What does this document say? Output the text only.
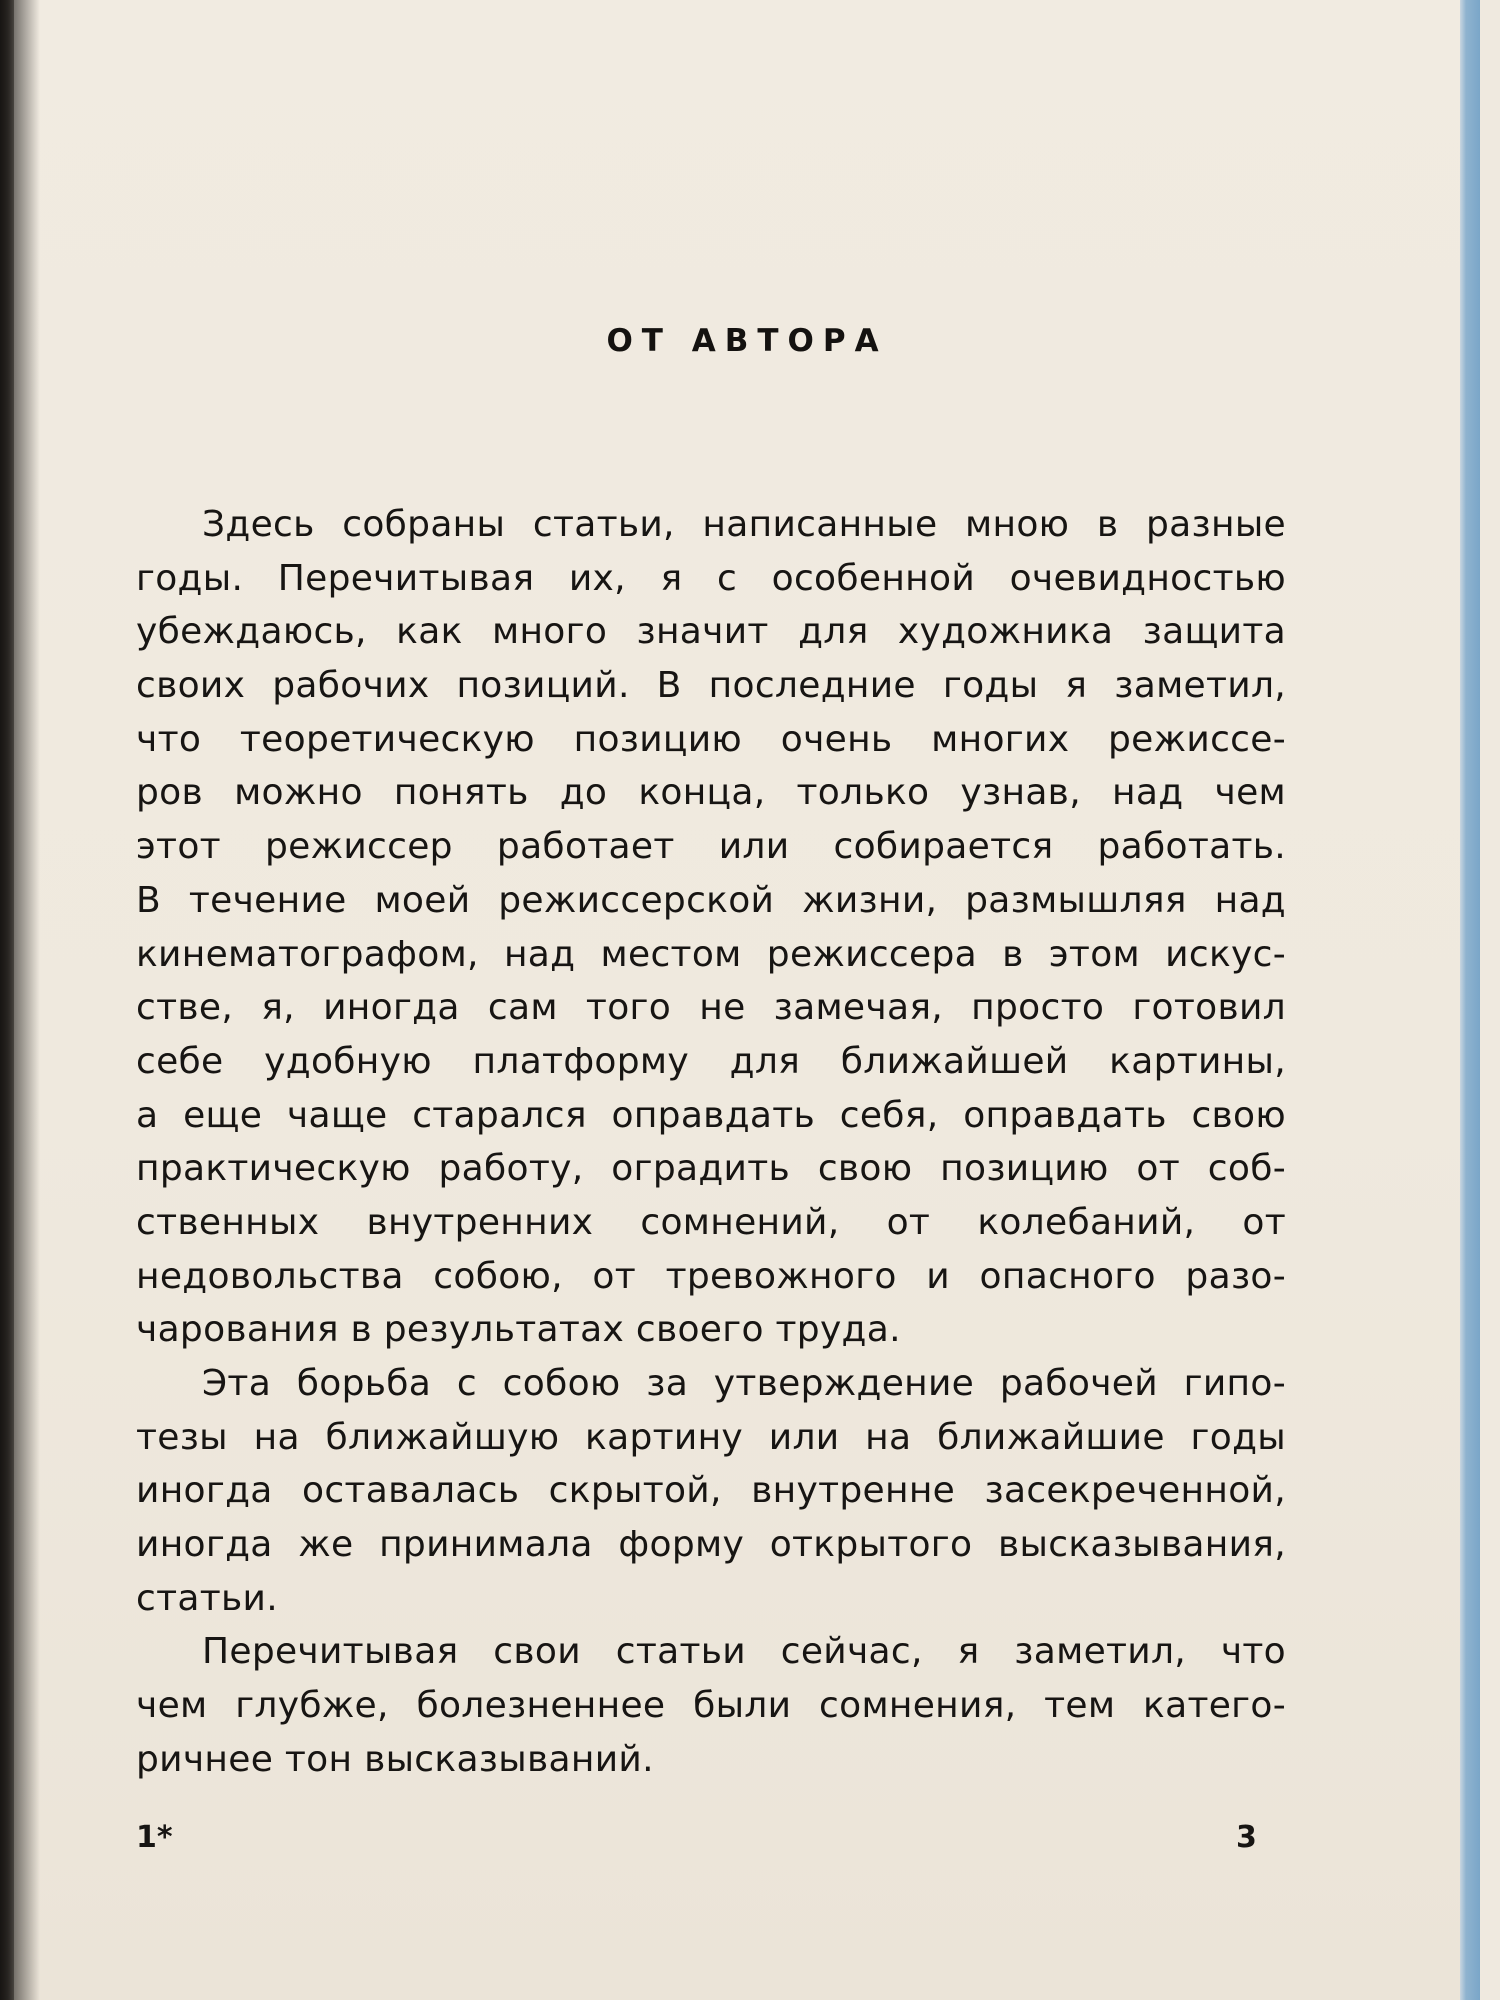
ОТ АВТОРА
Здесь собраны статьи, написанные мною в разные
годы. Перечитывая их, я с особенной очевидностью
убеждаюсь, как много значит для художника защита
своих рабочих позиций. В последние годы я заметил,
что теоретическую позицию очень многих режиссе-
ров можно понять до конца, только узнав, над чем
этот режиссер работает или собирается работать.
В течение моей режиссерской жизни, размышляя над
кинематографом, над местом режиссера в этом искус-
стве, я, иногда сам того не замечая, просто готовил
себе удобную платформу для ближайшей картины,
а еще чаще старался оправдать себя, оправдать свою
практическую работу, оградить свою позицию от соб-
ственных внутренних сомнений, от колебаний, от
недовольства собою, от тревожного и опасного разо-
чарования в результатах своего труда.
Эта борьба с собою за утверждение рабочей гипо-
тезы на ближайшую картину или на ближайшие годы
иногда оставалась скрытой, внутренне засекреченной,
иногда же принимала форму открытого высказывания,
статьи.
Перечитывая свои статьи сейчас, я заметил, что
чем глубже, болезненнее были сомнения, тем катего-
ричнее тон высказываний.
1*	3
